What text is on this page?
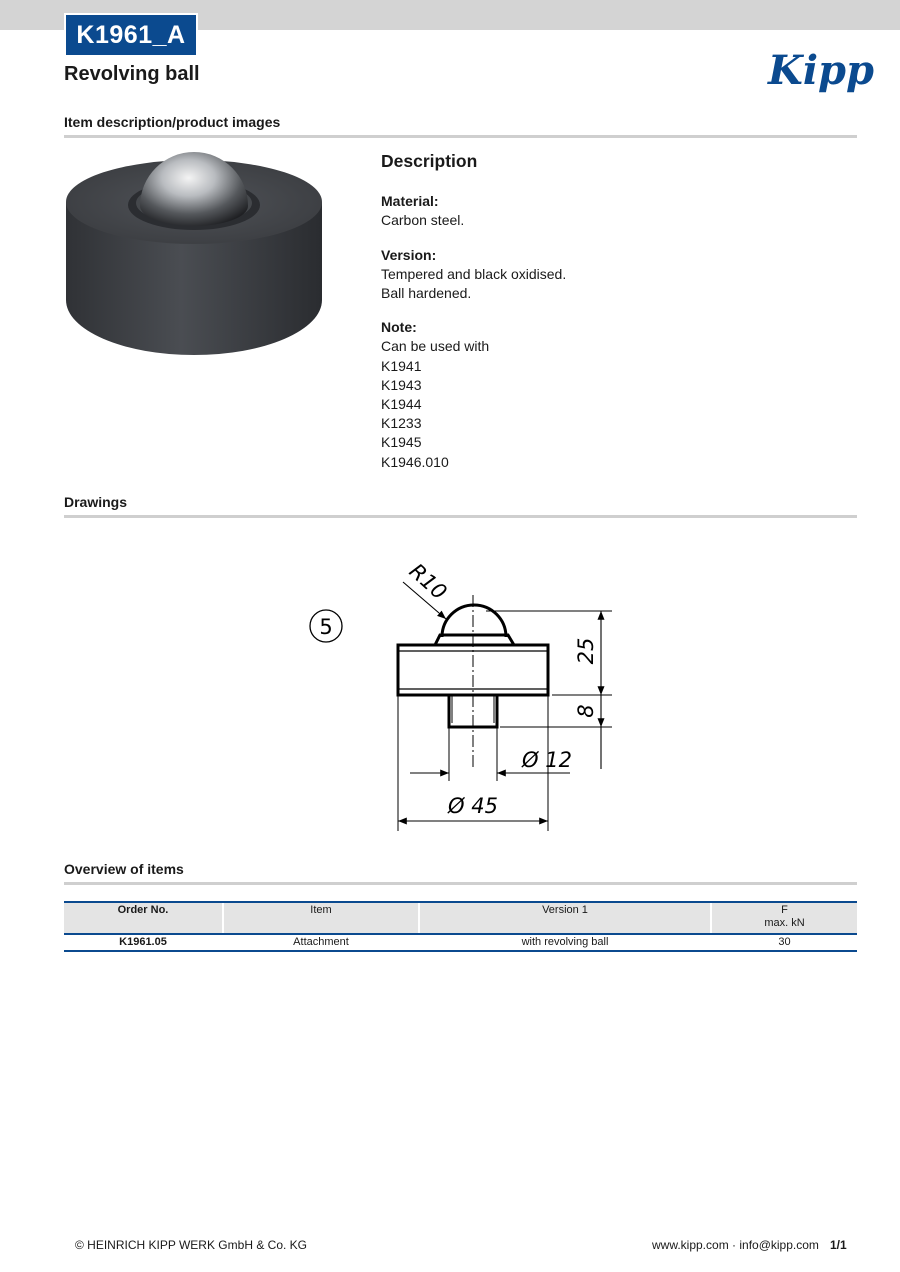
K1961_A
Revolving ball	Kipp
Item description/product images
Description
Material:
Carbon steel.
Version:
Tempered and black oxidised.
Ball hardened.
Note:
Can be used with
K1941
K1943
K1944
K1233
K1945
K1946.010
Drawings
5
R10
25
8
Ø 12
Ø 45
Overview of items
Order No.	Item	Version 1	F
max. kN
K1961.05	Attachment	with revolving ball	30
© HEINRICH KIPP WERK GmbH & Co. KG	www.kipp.com · info@kipp.com 1/1
